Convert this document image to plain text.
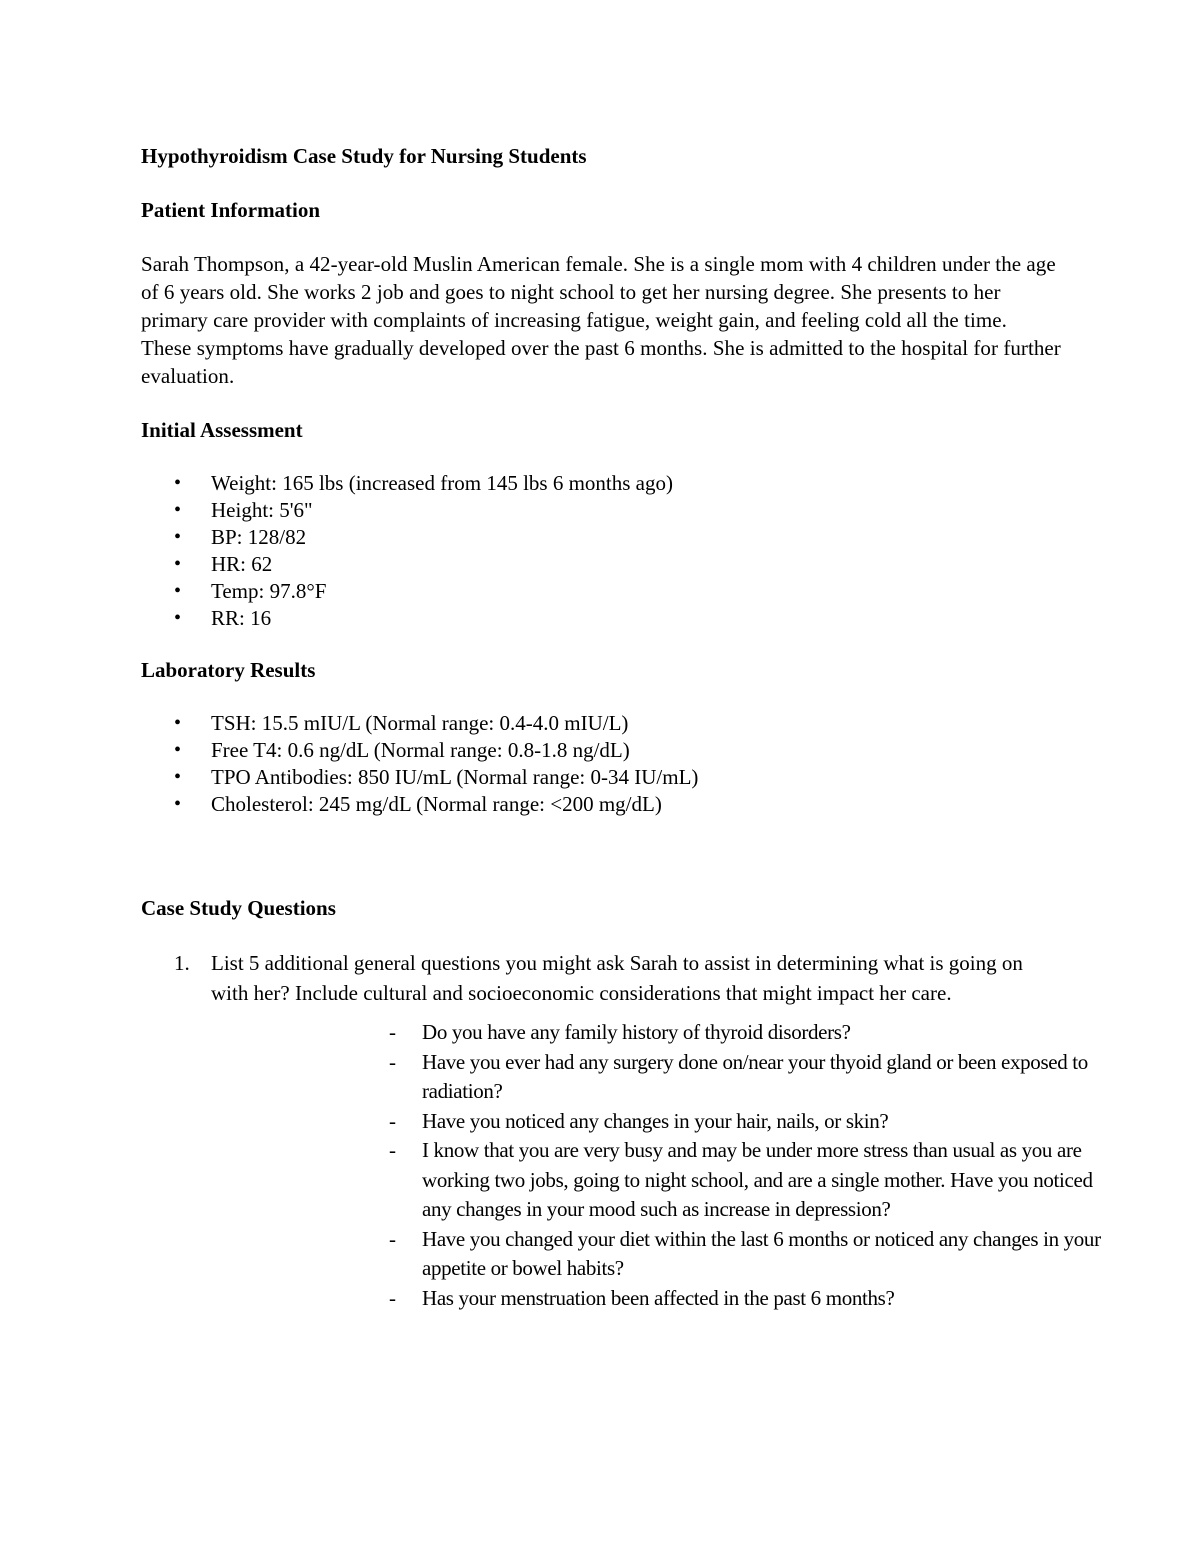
Hypothyroidism Case Study for Nursing Students
Patient Information

Sarah Thompson, a 42-year-old Muslin American female. She is a single mom with 4 children under the age of 6 years old. She works 2 job and goes to night school to get her nursing degree. She presents to her primary care provider with complaints of increasing fatigue, weight gain, and feeling cold all the time. These symptoms have gradually developed over the past 6 months. She is admitted to the hospital for further evaluation.

Initial Assessment
• Weight: 165 lbs (increased from 145 lbs 6 months ago)
• Height: 5'6"
• BP: 128/82
• HR: 62
• Temp: 97.8°F
• RR: 16
Laboratory Results
• TSH: 15.5 mIU/L (Normal range: 0.4-4.0 mIU/L)
• Free T4: 0.6 ng/dL (Normal range: 0.8-1.8 ng/dL)
• TPO Antibodies: 850 IU/mL (Normal range: 0-34 IU/mL)
• Cholesterol: 245 mg/dL (Normal range: <200 mg/dL)
Case Study Questions
1. List 5 additional general questions you might ask Sarah to assist in determining what is going on with her? Include cultural and socioeconomic considerations that might impact her care.
- Do you have any family history of thyroid disorders?
- Have you ever had any surgery done on/near your thyoid gland or been exposed to radiation?
- Have you noticed any changes in your hair, nails, or skin?
- I know that you are very busy and may be under more stress than usual as you are working two jobs, going to night school, and are a single mother. Have you noticed any changes in your mood such as increase in depression?
- Have you changed your diet within the last 6 months or noticed any changes in your appetite or bowel habits?
- Has your menstruation been affected in the past 6 months?
